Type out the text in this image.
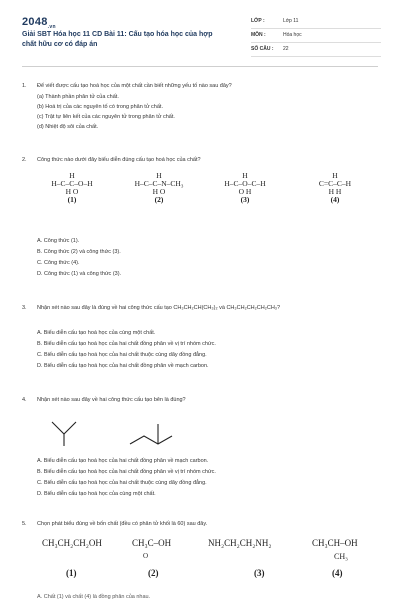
$2048_{.vn}$
Giải SBT Hóa học 11 CD Bài 11: Cấu tạo hóa học của hợp chất hữu cơ có đáp án
LỚP :	Lớp 11
MÔN :	Hóa học
SỐ CÂU : 22
1. Để viết được cấu tạo hoá học của một chất cần biết những yếu tố nào sau đây?
(a) Thành phần phân tử của chất.
(b) Hoá trị của các nguyên tố có trong phân tử chất.
(c) Trật tự liên kết của các nguyên tử trong phân tử chất.
(d) Nhiệt độ sôi của chất.
2. Công thức nào dưới đây biểu diễn đúng cấu tạo hoá học của chất?
H
H–C–C–O–H
H O
(1)
H
H–C–C–N–CH₃
H O
(2)
H
H–C–O–C–H
O H
(3)
H
C=C–C–H
H H
(4)
A. Công thức (1).
B. Công thức (2) và công thức (3).
C. Công thức (4).
D. Công thức (1) và công thức (3).
3. Nhận xét nào sau đây là đúng về hai công thức cấu tạo CH₃CH₂CH(CH₃)₂ và CH₃CH₂CH₂CH₂CH₃?
A. Biểu diễn cấu tạo hoá học của cùng một chất.
B. Biểu diễn cấu tạo hoá học của hai chất đồng phân về vị trí nhóm chức.
C. Biểu diễn cấu tạo hoá học của hai chất thuộc cùng dãy đồng đẳng.
D. Biểu diễn cấu tạo hoá học của hai chất đồng phân về mạch carbon.
4. Nhận xét nào sau đây về hai công thức cấu tạo bên là đúng?
A. Biểu diễn cấu tạo hoá học của hai chất đồng phân về mạch carbon.
B. Biểu diễn cấu tạo hoá học của hai chất đồng phân về vị trí nhóm chức.
C. Biểu diễn cấu tạo hoá học của hai chất thuộc cùng dãy đồng đẳng.
D. Biểu diễn cấu tạo hoá học của cùng một chất.
5. Chọn phát biểu đúng về bốn chất (đều có phân tử khối là 60) sau đây.
CH₃CH₂CH₂OH	CH₃C–OH
O
NH₂CH₂CH₂NH₂	CH₃CH–OH
CH₃
(1)	(2)	(3)	(4)
A. Chất (1) và chất (4) là đồng phân của nhau.
